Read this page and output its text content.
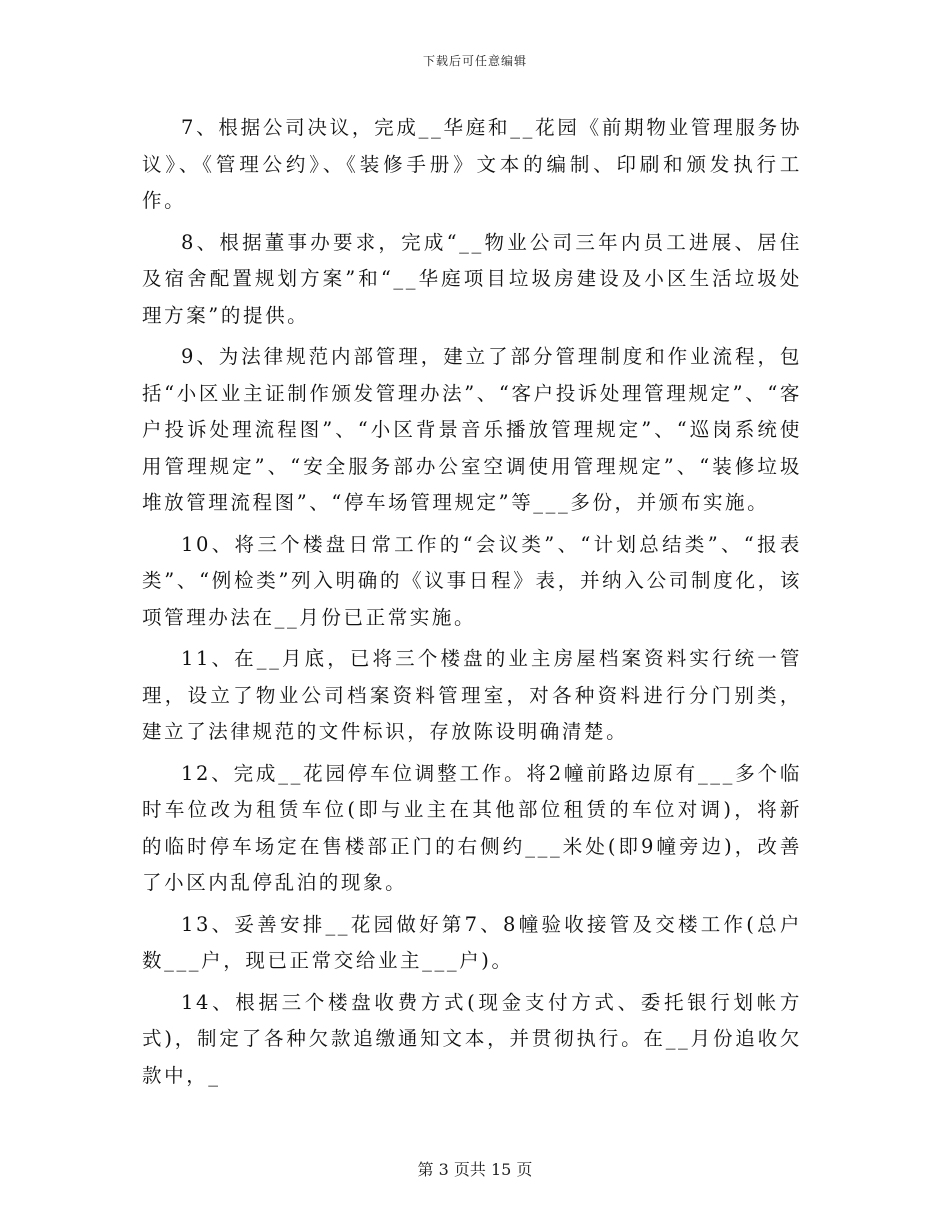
下载后可任意编辑

7、根据公司决议，完成__华庭和__花园《前期物业管理服务协议》、《管理公约》、《装修手册》文本的编制、印刷和颁发执行工作。

8、根据董事办要求，完成“__物业公司三年内员工进展、居住及宿舍配置规划方案”和“__华庭项目垃圾房建设及小区生活垃圾处理方案”的提供。

9、为法律规范内部管理，建立了部分管理制度和作业流程，包括“小区业主证制作颁发管理办法”、“客户投诉处理管理规定”、“客户投诉处理流程图”、“小区背景音乐播放管理规定”、“巡岗系统使用管理规定”、“安全服务部办公室空调使用管理规定”、“装修垃圾堆放管理流程图”、“停车场管理规定”等___多份，并颁布实施。

10、将三个楼盘日常工作的“会议类”、“计划总结类”、“报表类”、“例检类”列入明确的《议事日程》表，并纳入公司制度化，该项管理办法在__月份已正常实施。

11、在__月底，已将三个楼盘的业主房屋档案资料实行统一管理，设立了物业公司档案资料管理室，对各种资料进行分门别类，建立了法律规范的文件标识，存放陈设明确清楚。

12、完成__花园停车位调整工作。将2幢前路边原有___多个临时车位改为租赁车位(即与业主在其他部位租赁的车位对调)，将新的临时停车场定在售楼部正门的右侧约___米处(即9幢旁边)，改善了小区内乱停乱泊的现象。

13、妥善安排__花园做好第7、8幢验收接管及交楼工作(总户数___户，现已正常交给业主___户)。

14、根据三个楼盘收费方式(现金支付方式、委托银行划帐方式)，制定了各种欠款追缴通知文本，并贯彻执行。在__月份追收欠款中，_

第 3 页共 15 页
